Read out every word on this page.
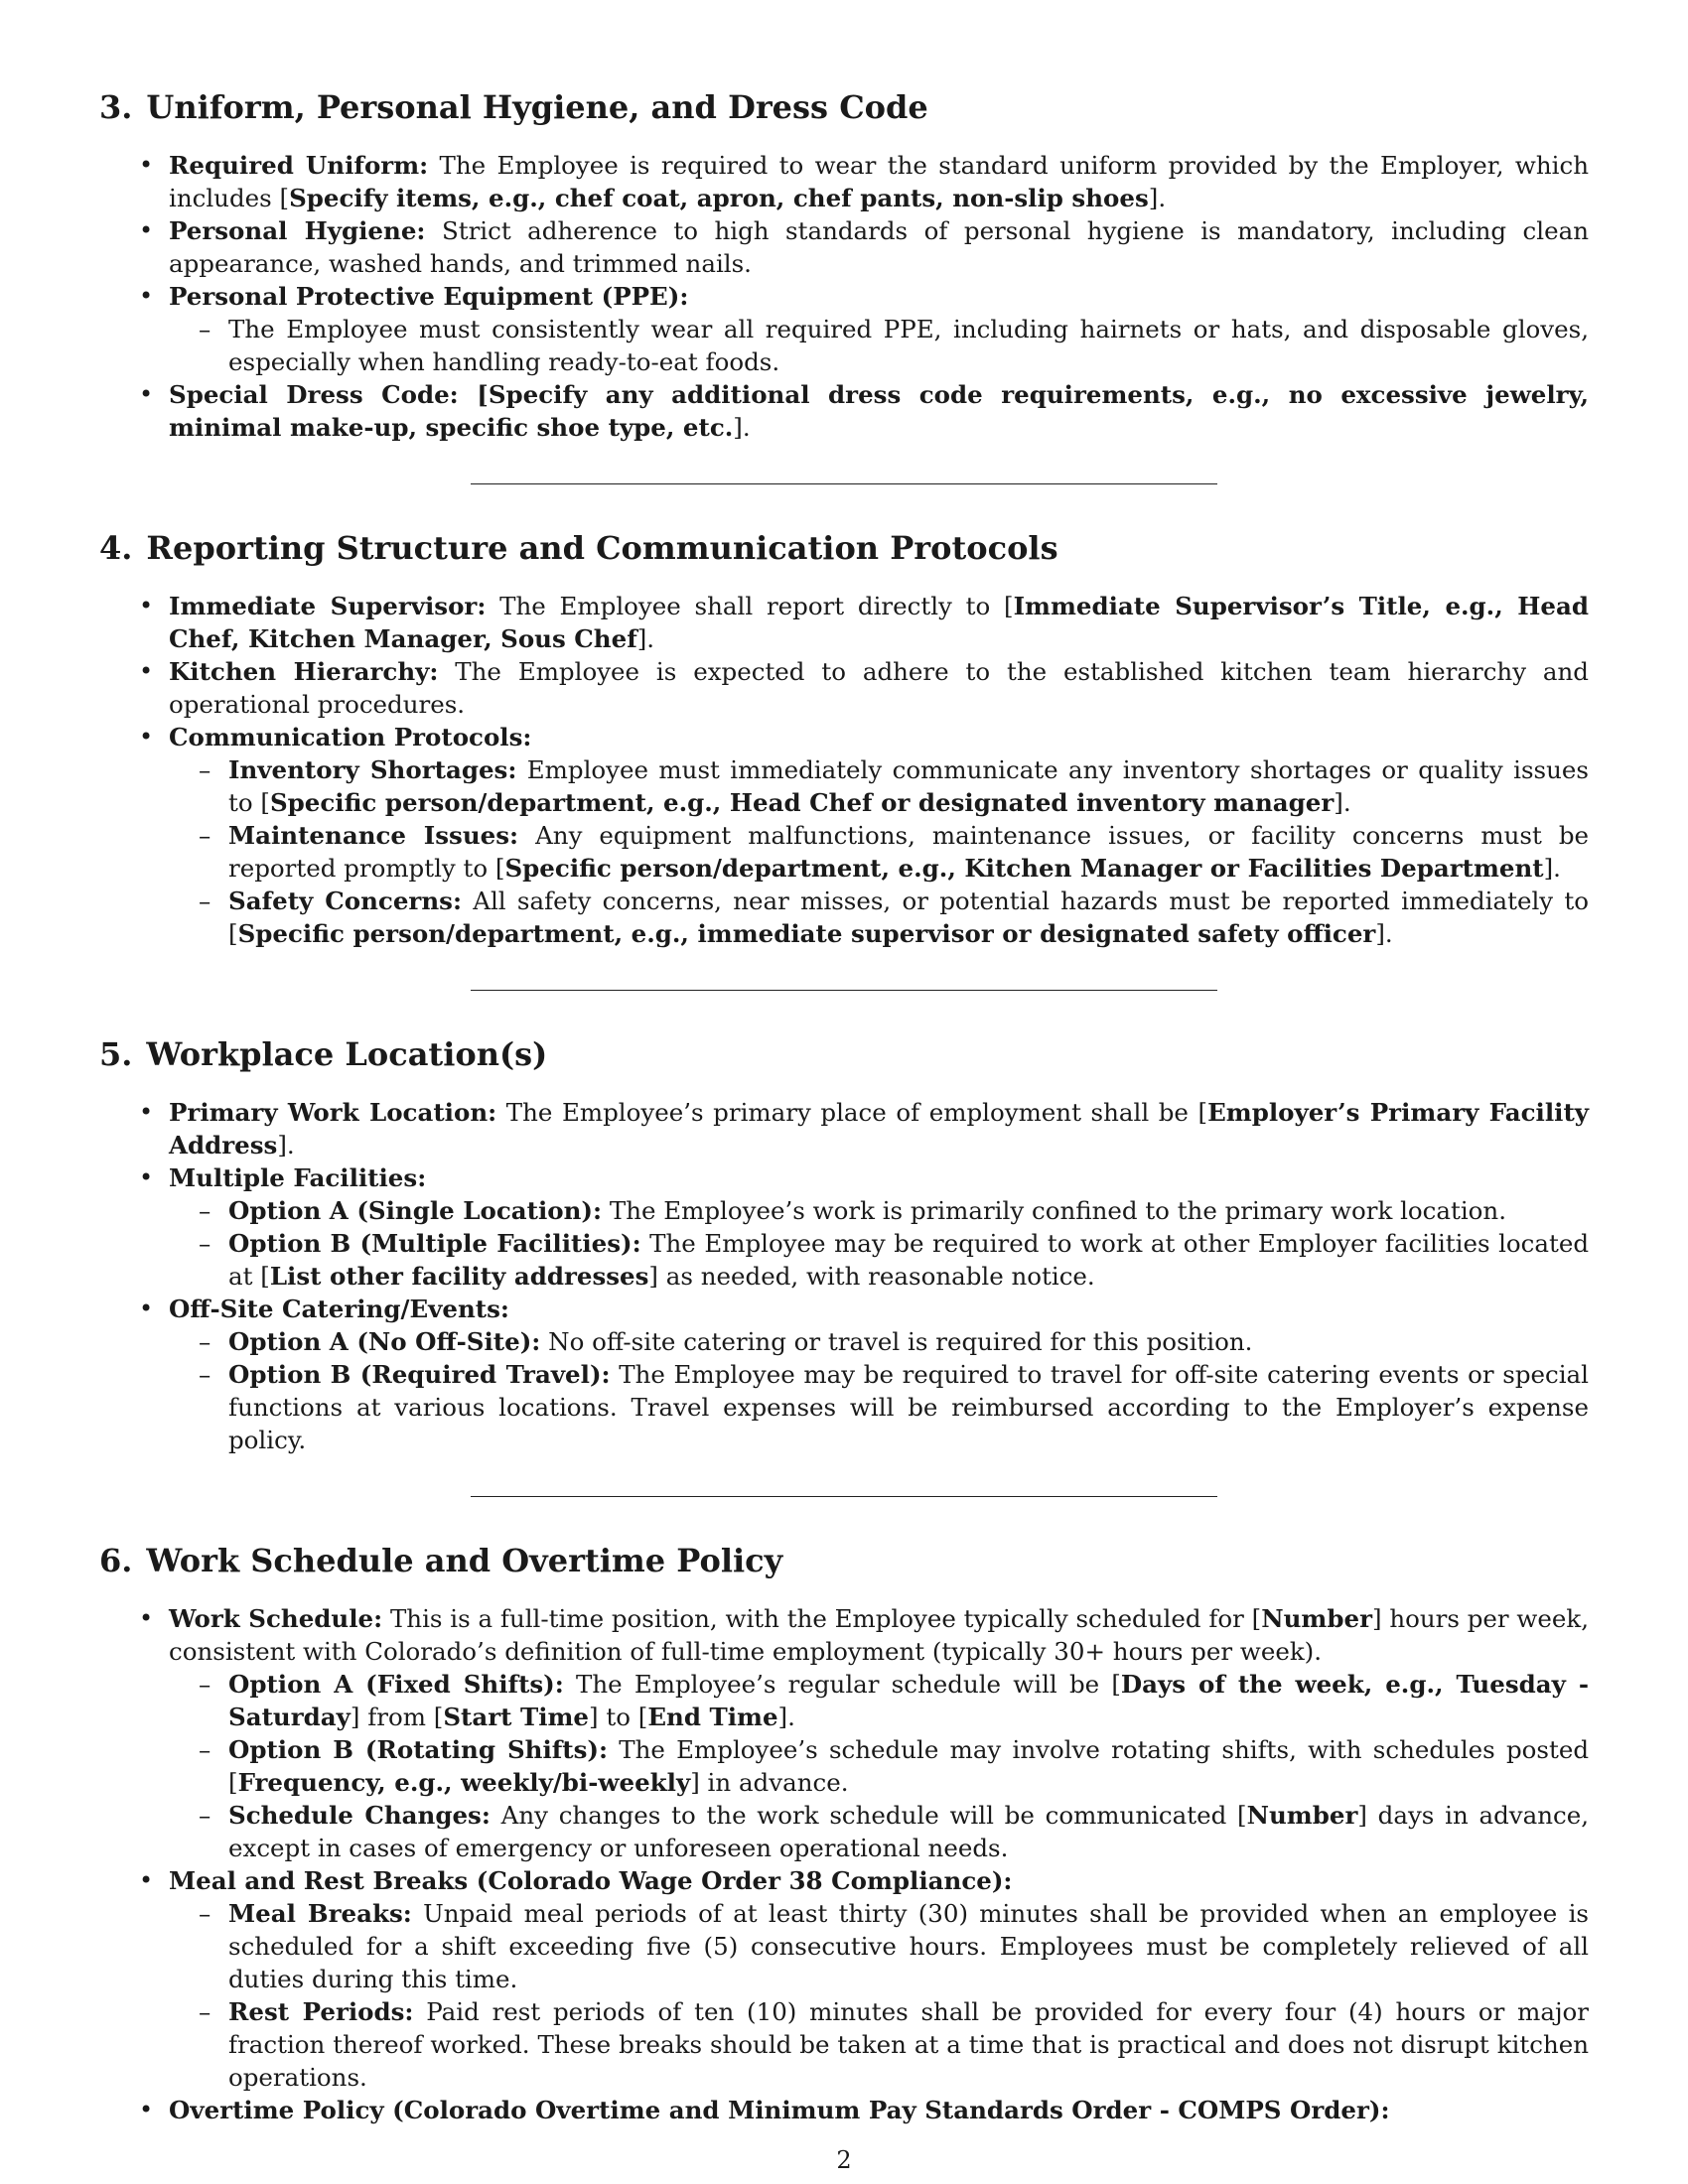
3. Uniform, Personal Hygiene, and Dress Code
• Required Uniform: The Employee is required to wear the standard uniform provided by the Employer, which includes [Specify items, e.g., chef coat, apron, chef pants, non-slip shoes].
• Personal Hygiene: Strict adherence to high standards of personal hygiene is mandatory, including clean appearance, washed hands, and trimmed nails.
• Personal Protective Equipment (PPE):
– The Employee must consistently wear all required PPE, including hairnets or hats, and disposable gloves, especially when handling ready-to-eat foods.
• Special Dress Code: [Specify any additional dress code requirements, e.g., no excessive jewelry, minimal make-up, specific shoe type, etc.].
4. Reporting Structure and Communication Protocols
• Immediate Supervisor: The Employee shall report directly to [Immediate Supervisor’s Title, e.g., Head Chef, Kitchen Manager, Sous Chef].
• Kitchen Hierarchy: The Employee is expected to adhere to the established kitchen team hierarchy and operational procedures.
• Communication Protocols:
– Inventory Shortages: Employee must immediately communicate any inventory shortages or quality issues to [Specific person/department, e.g., Head Chef or designated inventory manager].
– Maintenance Issues: Any equipment malfunctions, maintenance issues, or facility concerns must be reported promptly to [Specific person/department, e.g., Kitchen Manager or Facilities Department].
– Safety Concerns: All safety concerns, near misses, or potential hazards must be reported immediately to [Specific person/department, e.g., immediate supervisor or designated safety officer].
5. Workplace Location(s)
• Primary Work Location: The Employee’s primary place of employment shall be [Employer’s Primary Facility Address].
• Multiple Facilities:
– Option A (Single Location): The Employee’s work is primarily confined to the primary work location.
– Option B (Multiple Facilities): The Employee may be required to work at other Employer facilities located at [List other facility addresses] as needed, with reasonable notice.
• Off-Site Catering/Events:
– Option A (No Off-Site): No off-site catering or travel is required for this position.
– Option B (Required Travel): The Employee may be required to travel for off-site catering events or special functions at various locations. Travel expenses will be reimbursed according to the Employer’s expense policy.
6. Work Schedule and Overtime Policy
• Work Schedule: This is a full-time position, with the Employee typically scheduled for [Number] hours per week, consistent with Colorado’s definition of full-time employment (typically 30+ hours per week).
– Option A (Fixed Shifts): The Employee’s regular schedule will be [Days of the week, e.g., Tuesday - Saturday] from [Start Time] to [End Time].
– Option B (Rotating Shifts): The Employee’s schedule may involve rotating shifts, with schedules posted [Frequency, e.g., weekly/bi-weekly] in advance.
– Schedule Changes: Any changes to the work schedule will be communicated [Number] days in advance, except in cases of emergency or unforeseen operational needs.
• Meal and Rest Breaks (Colorado Wage Order 38 Compliance):
– Meal Breaks: Unpaid meal periods of at least thirty (30) minutes shall be provided when an employee is scheduled for a shift exceeding five (5) consecutive hours. Employees must be completely relieved of all duties during this time.
– Rest Periods: Paid rest periods of ten (10) minutes shall be provided for every four (4) hours or major fraction thereof worked. These breaks should be taken at a time that is practical and does not disrupt kitchen operations.
• Overtime Policy (Colorado Overtime and Minimum Pay Standards Order - COMPS Order):
2
